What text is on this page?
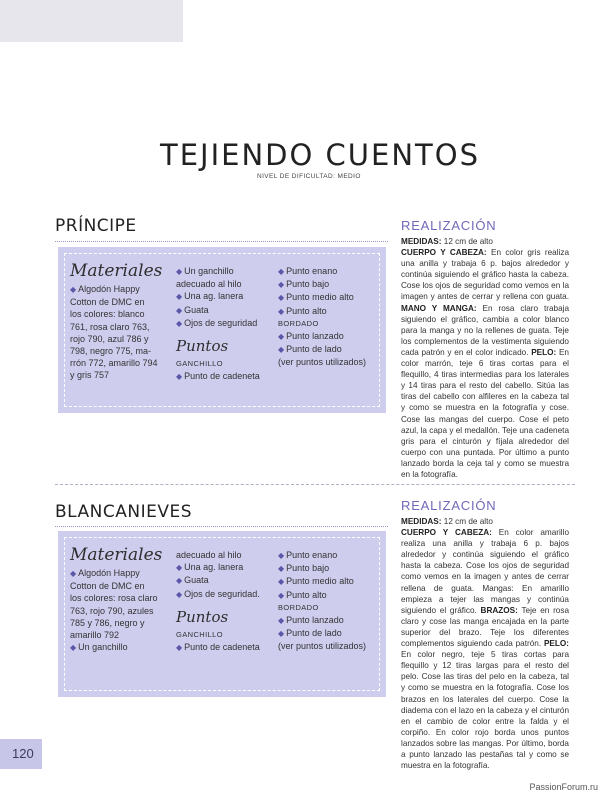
TEJIENDO CUENTOS
NIVEL DE DIFICULTAD: MEDIO
PRÍNCIPE
Materiales
◆ Algodón Happy
Cotton de DMC en
los colores: blanco
761, rosa claro 763,
rojo 790, azul 786 y
798, negro 775, ma-
rrón 772, amarillo 794
y gris 757
◆ Un ganchillo
adecuado al hilo
◆ Una ag. lanera
◆ Guata
◆ Ojos de seguridad
Puntos
GANCHILLO
◆ Punto de cadeneta
◆ Punto enano
◆ Punto bajo
◆ Punto medio alto
◆ Punto alto
BORDADO
◆ Punto lanzado
◆ Punto de lado
(ver puntos utilizados)
REALIZACIÓN
MEDIDAS: 12 cm de alto
CUERPO Y CABEZA: En color gris realiza una anilla y trabaja 6 p. bajos alrededor y continúa siguiendo el gráfico hasta la cabeza. Cose los ojos de seguridad como vemos en la imagen y antes de cerrar y rellena con guata. MANO Y MANGA: En rosa claro trabaja siguiendo el gráfico, cambia a color blanco para la manga y no la rellenes de guata. Teje los complementos de la vestimenta siguiendo cada patrón y en el color indicado. PELO: En color marrón, teje 6 tiras cortas para el flequillo, 4 tiras intermedias para los laterales y 14 tiras para el resto del cabello. Sitúa las tiras del cabello con alfileres en la cabeza tal y como se muestra en la fotografía y cose. Cose las mangas del cuerpo. Cose el peto azul, la capa y el medallón. Teje una cadeneta gris para el cinturón y fíjala alrededor del cuerpo con una puntada. Por último a punto lanzado borda la ceja tal y como se muestra en la fotografía.
BLANCANIEVES
Materiales
◆ Algodón Happy
Cotton de DMC en
los colores: rosa claro
763, rojo 790, azules
785 y 786, negro y
amarillo 792
◆ Un ganchillo
adecuado al hilo
◆ Una ag. lanera
◆ Guata
◆ Ojos de seguridad.
Puntos
GANCHILLO
◆ Punto de cadeneta
◆ Punto enano
◆ Punto bajo
◆ Punto medio alto
◆ Punto alto
BORDADO
◆ Punto lanzado
◆ Punto de lado
(ver puntos utilizados)
REALIZACIÓN
MEDIDAS: 12 cm de alto
CUERPO Y CABEZA: En color amarillo realiza una anilla y trabaja 6 p. bajos alrededor y continúa siguiendo el gráfico hasta la cabeza. Cose los ojos de seguridad como vemos en la imagen y antes de cerrar rellena de guata. Mangas: En amarillo empieza a tejer las mangas y continúa siguiendo el gráfico. BRAZOS: Teje en rosa claro y cose las manga encajada en la parte superior del brazo. Teje los diferentes complementos siguiendo cada patrón. PELO: En color negro, teje 5 tiras cortas para flequillo y 12 tiras largas para el resto del pelo. Cose las tiras del pelo en la cabeza, tal y como se muestra en la fotografía. Cose los brazos en los laterales del cuerpo. Cose la diadema con el lazo en la cabeza y el cinturón en el cambio de color entre la falda y el corpiño. En color rojo borda unos puntos lanzados sobre las mangas. Por último, borda a punto lanzado las pestañas tal y como se muestra en la fotografía.
120
PassionForum.ru
